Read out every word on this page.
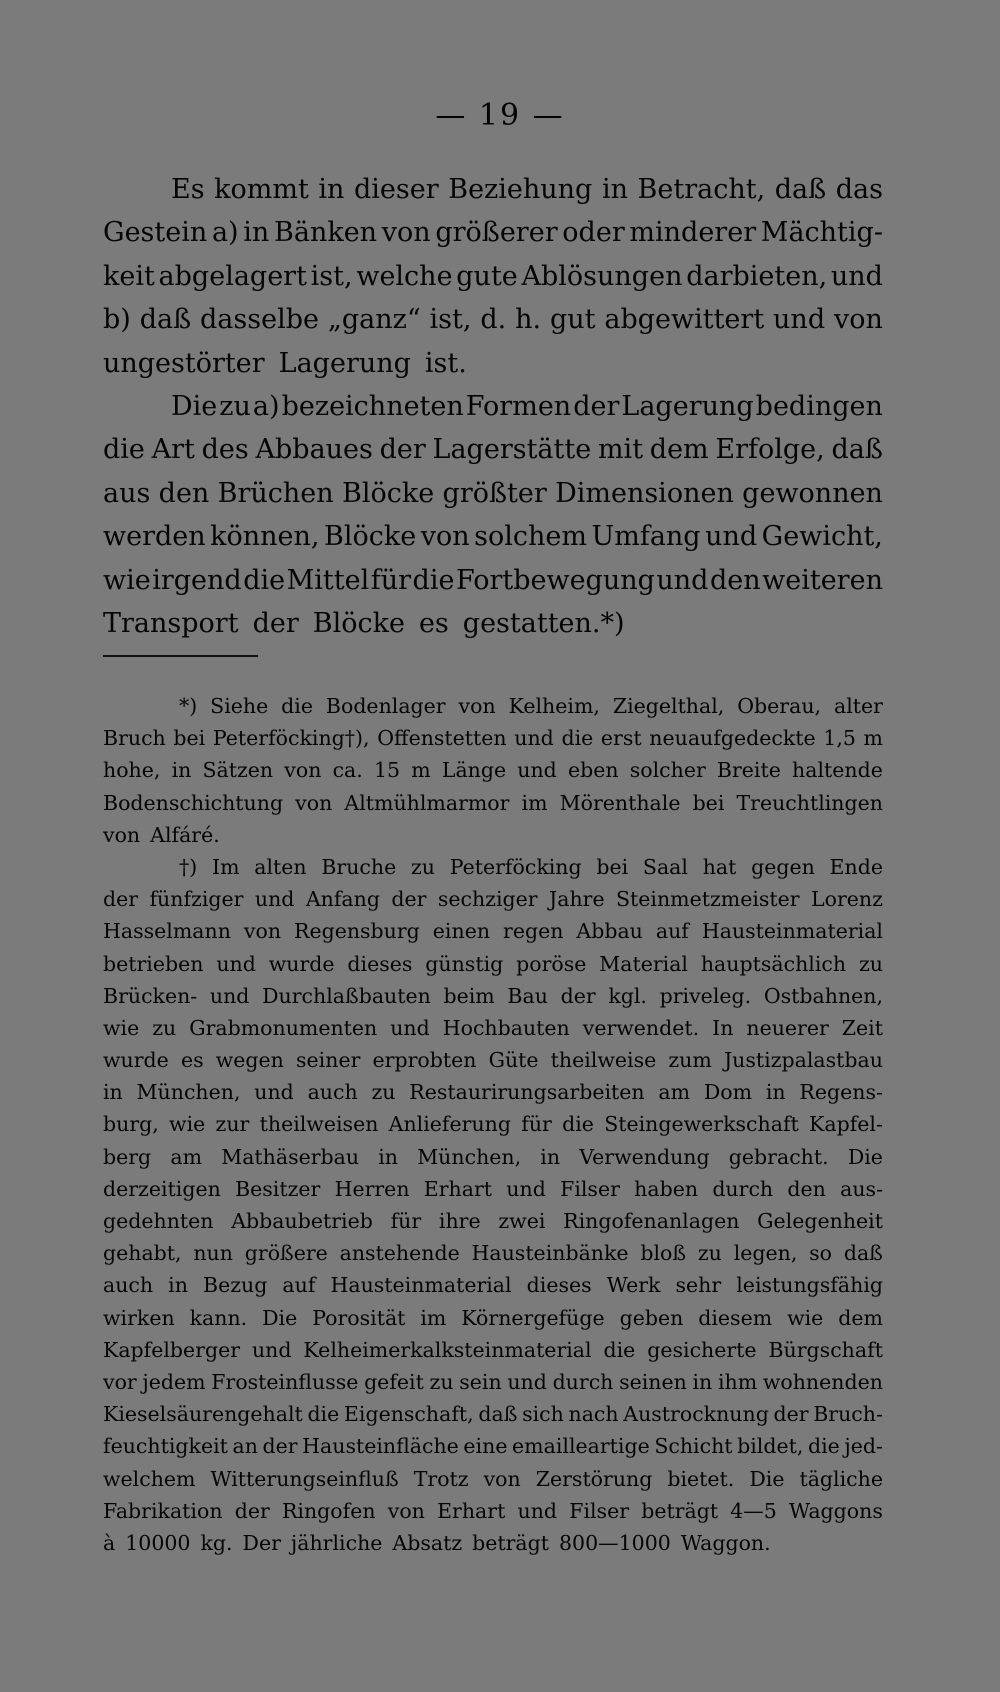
— 19 —
Es kommt in dieser Beziehung in Betracht, daß das
Gestein a) in Bänken von größerer oder minderer Mächtig-
keit abgelagert ist, welche gute Ablösungen darbieten, und
b) daß dasselbe „ganz“ ist, d. h. gut abgewittert und von
ungestörter Lagerung ist.
Die zu a) bezeichneten Formen der Lagerung bedingen
die Art des Abbaues der Lagerstätte mit dem Erfolge, daß
aus den Brüchen Blöcke größter Dimensionen gewonnen
werden können, Blöcke von solchem Umfang und Gewicht,
wie irgend die Mittel für die Fortbewegung und den weiteren
Transport der Blöcke es gestatten.*)
*) Siehe die Bodenlager von Kelheim, Ziegelthal, Oberau, alter
Bruch bei Peterföcking†), Offenstetten und die erst neuaufgedeckte 1,5 m
hohe, in Sätzen von ca. 15 m Länge und eben solcher Breite haltende
Bodenschichtung von Altmühlmarmor im Mörenthale bei Treuchtlingen
von Alfáré.
†) Im alten Bruche zu Peterföcking bei Saal hat gegen Ende
der fünfziger und Anfang der sechziger Jahre Steinmetzmeister Lorenz
Hasselmann von Regensburg einen regen Abbau auf Hausteinmaterial
betrieben und wurde dieses günstig poröse Material hauptsächlich zu
Brücken- und Durchlaßbauten beim Bau der kgl. priveleg. Ostbahnen,
wie zu Grabmonumenten und Hochbauten verwendet. In neuerer Zeit
wurde es wegen seiner erprobten Güte theilweise zum Justizpalastbau
in München, und auch zu Restaurirungsarbeiten am Dom in Regens-
burg, wie zur theilweisen Anlieferung für die Steingewerkschaft Kapfel-
berg am Mathäserbau in München, in Verwendung gebracht. Die
derzeitigen Besitzer Herren Erhart und Filser haben durch den aus-
gedehnten Abbaubetrieb für ihre zwei Ringofenanlagen Gelegenheit
gehabt, nun größere anstehende Hausteinbänke bloß zu legen, so daß
auch in Bezug auf Hausteinmaterial dieses Werk sehr leistungsfähig
wirken kann. Die Porosität im Körnergefüge geben diesem wie dem
Kapfelberger und Kelheimerkalksteinmaterial die gesicherte Bürgschaft
vor jedem Frosteinflusse gefeit zu sein und durch seinen in ihm wohnenden
Kieselsäurengehalt die Eigenschaft, daß sich nach Austrocknung der Bruch-
feuchtigkeit an der Hausteinfläche eine emailleartige Schicht bildet, die jed-
welchem Witterungseinfluß Trotz von Zerstörung bietet. Die tägliche
Fabrikation der Ringofen von Erhart und Filser beträgt 4—5 Waggons
à 10000 kg. Der jährliche Absatz beträgt 800—1000 Waggon.
